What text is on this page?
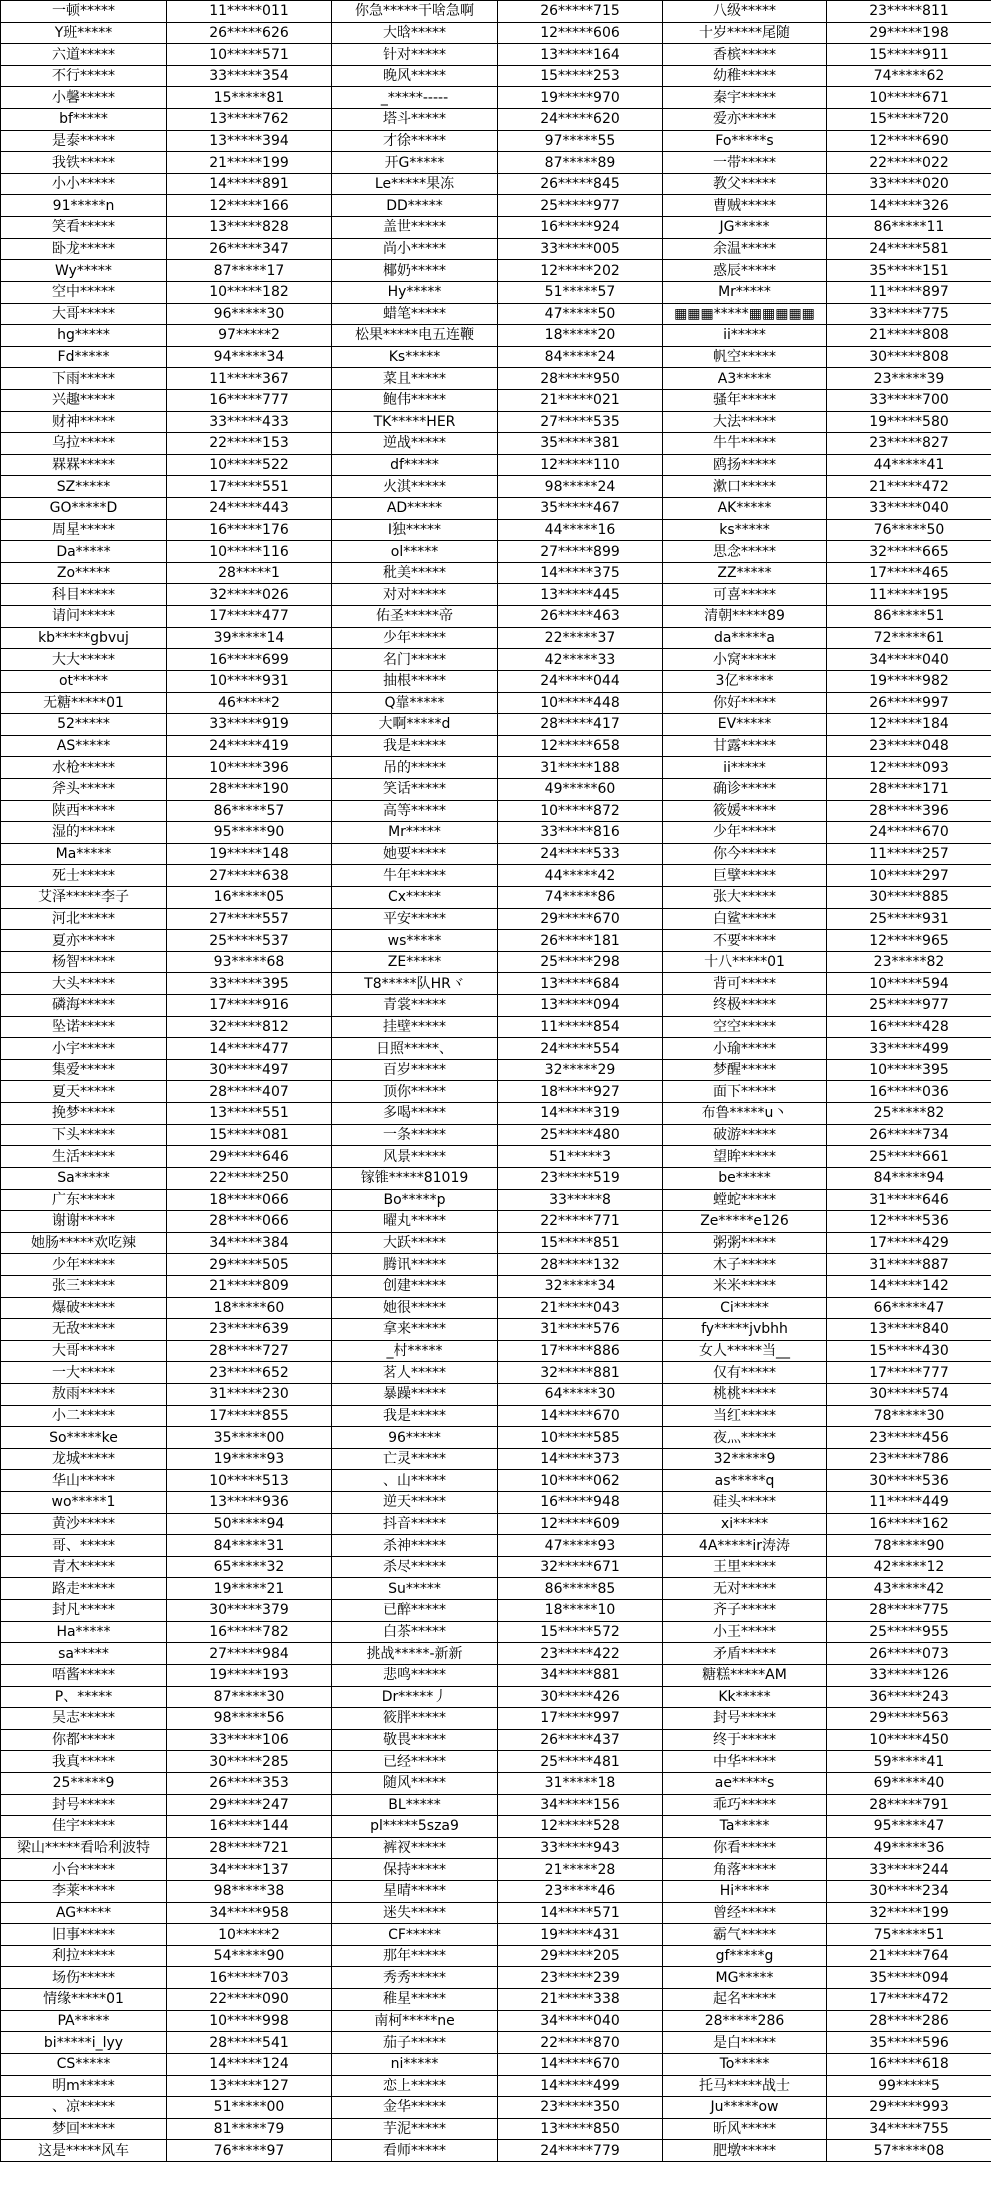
一顿*****	11*****011	你急*****干啥急啊	26*****715	八级*****	23*****811
Y班*****	26*****626	大晗*****	12*****606	十岁*****尾随	29*****198
六道*****	10*****571	针对*****	13*****164	香槟*****	15*****911
不行*****	33*****354	晚风*****	15*****253	幼稚*****	74*****62
小馨*****	15*****81	_*****-----	19*****970	秦宇*****	10*****671
bf*****	13*****762	塔斗*****	24*****620	爱亦*****	15*****720
是泰*****	13*****394	才徐*****	97*****55	Fo*****s	12*****690
我铁*****	21*****199	开G*****	87*****89	一带*****	22*****022
小小*****	14*****891	Le*****果冻	26*****845	教父*****	33*****020
91*****n	12*****166	DD*****	25*****977	曹贼*****	14*****326
笑看*****	13*****828	盖世*****	16*****924	JG*****	86*****11
卧龙*****	26*****347	尚小*****	33*****005	余温*****	24*****581
Wy*****	87*****17	椰奶*****	12*****202	惑辰*****	35*****151
空中*****	10*****182	Hy*****	51*****57	Mr*****	11*****897
大哥*****	96*****30	蜡笔*****	47*****50	▦▦▦*****▦▦▦▦▦	33*****775
hg*****	97*****2	松果*****电五连鞭	18*****20	ii*****	21*****808
Fd*****	94*****34	Ks*****	84*****24	帆空*****	30*****808
下雨*****	11*****367	菜且*****	28*****950	A3*****	23*****39
兴趣*****	16*****777	鲍伟*****	21*****021	骚年*****	33*****700
财神*****	33*****433	TK*****HER	27*****535	大法*****	19*****580
乌拉*****	22*****153	逆战*****	35*****381	牛牛*****	23*****827
槑槑*****	10*****522	df*****	12*****110	鸥扬*****	44*****41
SZ*****	17*****551	火淇*****	98*****24	漱口*****	21*****472
GO*****D	24*****443	AD*****	35*****467	AK*****	33*****040
周星*****	16*****176	I独*****	44*****16	ks*****	76*****50
Da*****	10*****116	ol*****	27*****899	思念*****	32*****665
Zo*****	28*****1	秕美*****	14*****375	ZZ*****	17*****465
科目*****	32*****026	对对*****	13*****445	可喜*****	11*****195
请问*****	17*****477	佑圣*****帝	26*****463	清朝*****89	86*****51
kb*****gbvuj	39*****14	少年*****	22*****37	da*****a	72*****61
大大*****	16*****699	名门*****	42*****33	小窝*****	34*****040
ot*****	10*****931	抽根*****	24*****044	3亿*****	19*****982
无糖*****01	46*****2	Q靠*****	10*****448	你好*****	26*****997
52*****	33*****919	大啊*****d	28*****417	EV*****	12*****184
AS*****	24*****419	我是*****	12*****658	甘露*****	23*****048
水枪*****	10*****396	吊的*****	31*****188	ii*****	12*****093
斧头*****	28*****190	笑话*****	49*****60	确诊*****	28*****171
陕西*****	86*****57	高等*****	10*****872	筱媛*****	28*****396
湿的*****	95*****90	Mr*****	33*****816	少年*****	24*****670
Ma*****	19*****148	她要*****	24*****533	你今*****	11*****257
死士*****	27*****638	牛年*****	44*****42	巨擘*****	10*****297
艾泽*****李子	16*****05	Cx*****	74*****86	张大*****	30*****885
河北*****	27*****557	平安*****	29*****670	白鲨*****	25*****931
夏亦*****	25*****537	ws*****	26*****181	不要*****	12*****965
杨智*****	93*****68	ZE*****	25*****298	十八*****01	23*****82
大头*****	33*****395	T8*****队HRヾ	13*****684	背可*****	10*****594
磷海*****	17*****916	青裳*****	13*****094	终极*****	25*****977
坠诺*****	32*****812	挂壁*****	11*****854	空空*****	16*****428
小宇*****	14*****477	日照*****、	24*****554	小瑜*****	33*****499
集爱*****	30*****497	百岁*****	32*****29	梦醒*****	10*****395
夏天*****	28*****407	顶你*****	18*****927	面下*****	16*****036
挽梦*****	13*****551	多喝*****	14*****319	布鲁*****u丶	25*****82
下头*****	15*****081	一条*****	25*****480	破游*****	26*****734
生活*****	29*****646	风景*****	51*****3	望眸*****	25*****661
Sa*****	22*****250	镓锥*****81019	23*****519	be*****	84*****94
广东*****	18*****066	Bo*****p	33*****8	螳蛇*****	31*****646
谢谢*****	28*****066	曜丸*****	22*****771	Ze*****e126	12*****536
她肠*****欢吃辣	34*****384	大跃*****	15*****851	粥粥*****	17*****429
少年*****	29*****505	腾讯*****	28*****132	木子*****	31*****887
张三*****	21*****809	创建*****	32*****34	米米*****	14*****142
爆破*****	18*****60	她很*****	21*****043	Ci*****	66*****47
无敌*****	23*****639	拿来*****	31*****576	fy*****jvbhh	13*****840
大哥*****	28*****727	_村*****	17*****886	女人*****当__	15*****430
一大*****	23*****652	茗人*****	32*****881	仅有*****	17*****777
敖雨*****	31*****230	暴躁*****	64*****30	桃桃*****	30*****574
小二*****	17*****855	我是*****	14*****670	当红*****	78*****30
So*****ke	35*****00	96*****	10*****585	夜灬*****	23*****456
龙城*****	19*****93	亡灵*****	14*****373	32*****9	23*****786
华山*****	10*****513	、山*****	10*****062	as*****q	30*****536
wo*****1	13*****936	逆天*****	16*****948	硅头*****	11*****449
黄沙*****	50*****94	抖音*****	12*****609	xi*****	16*****162
哥、*****	84*****31	杀神*****	47*****93	4A*****ir涛涛	78*****90
青木*****	65*****32	杀尽*****	32*****671	王里*****	42*****12
路走*****	19*****21	Su*****	86*****85	无对*****	43*****42
封凡*****	30*****379	已醉*****	18*****10	齐子*****	28*****775
Ha*****	16*****782	白茶*****	15*****572	小王*****	25*****955
sa*****	27*****984	挑战*****-新新	23*****422	矛盾*****	26*****073
唔酱*****	19*****193	悲鸣*****	34*****881	糖糕*****AM	33*****126
P、*****	87*****30	Dr*****丿	30*****426	Kk*****	36*****243
吴志*****	98*****56	筱胖*****	17*****997	封号*****	29*****563
你都*****	33*****106	敬畏*****	26*****437	终于*****	10*****450
我真*****	30*****285	已经*****	25*****481	中华*****	59*****41
25*****9	26*****353	随风*****	31*****18	ae*****s	69*****40
封号*****	29*****247	BL*****	34*****156	乖巧*****	28*****791
佳宇*****	16*****144	pl*****5sza9	12*****528	Ta*****	95*****47
梁山*****看哈利波特	28*****721	裤衩*****	33*****943	你看*****	49*****36
小台*****	34*****137	保持*****	21*****28	角落*****	33*****244
李莱*****	98*****38	星晴*****	23*****46	Hi*****	30*****234
AG*****	34*****958	迷失*****	14*****571	曾经*****	32*****199
旧事*****	10*****2	CF*****	19*****431	霸气*****	75*****51
利拉*****	54*****90	那年*****	29*****205	gf*****g	21*****764
场伤*****	16*****703	秀秀*****	23*****239	MG*****	35*****094
情缘*****01	22*****090	稚星*****	21*****338	起名*****	17*****472
PA*****	10*****998	南柯*****ne	34*****040	28*****286	28*****286
bi*****i_lyy	28*****541	茄子*****	22*****870	是白*****	35*****596
CS*****	14*****124	ni*****	14*****670	To*****	16*****618
明m*****	13*****127	恋上*****	14*****499	托马*****战士	99*****5
、凉*****	51*****00	金华*****	23*****350	Ju*****ow	29*****993
梦回*****	81*****79	芋泥*****	13*****850	昕风*****	34*****755
这是*****风车	76*****97	看师*****	24*****779	肥墩*****	57*****08
